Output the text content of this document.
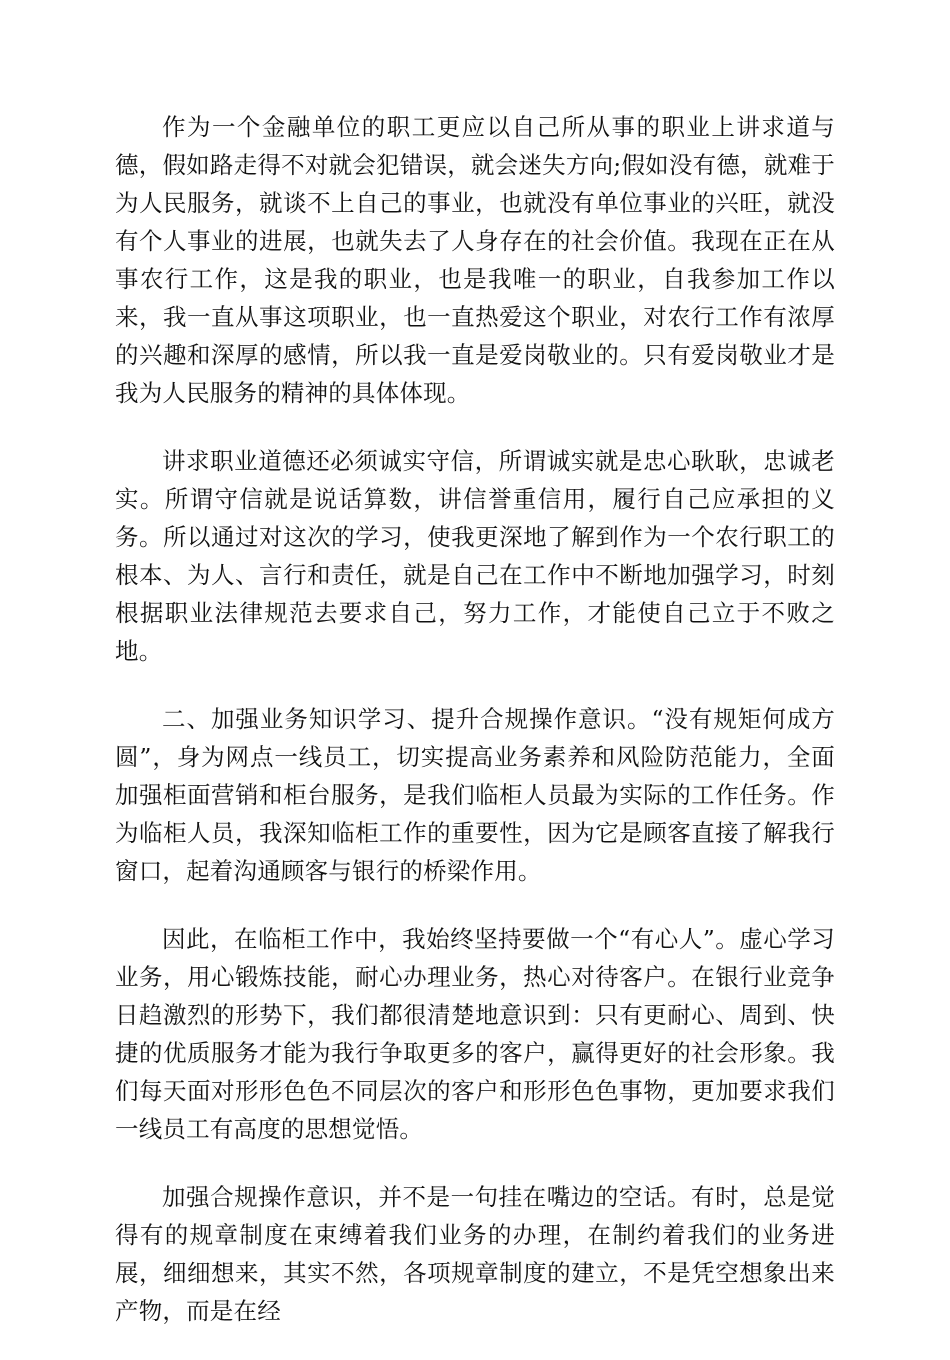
作为一个金融单位的职工更应以自己所从事的职业上讲求道与德，假如路走得不对就会犯错误，就会迷失方向;假如没有德，就难于为人民服务，就谈不上自己的事业，也就没有单位事业的兴旺，就没有个人事业的进展，也就失去了人身存在的社会价值。我现在正在从事农行工作，这是我的职业，也是我唯一的职业，自我参加工作以来，我一直从事这项职业，也一直热爱这个职业，对农行工作有浓厚的兴趣和深厚的感情，所以我一直是爱岗敬业的。只有爱岗敬业才是我为人民服务的精神的具体体现。

讲求职业道德还必须诚实守信，所谓诚实就是忠心耿耿，忠诚老实。所谓守信就是说话算数，讲信誉重信用，履行自己应承担的义务。所以通过对这次的学习，使我更深地了解到作为一个农行职工的根本、为人、言行和责任，就是自己在工作中不断地加强学习，时刻根据职业法律规范去要求自己，努力工作，才能使自己立于不败之地。

二、加强业务知识学习、提升合规操作意识。“没有规矩何成方圆”，身为网点一线员工，切实提高业务素养和风险防范能力，全面加强柜面营销和柜台服务，是我们临柜人员最为实际的工作任务。作为临柜人员，我深知临柜工作的重要性，因为它是顾客直接了解我行窗口，起着沟通顾客与银行的桥梁作用。

因此，在临柜工作中，我始终坚持要做一个“有心人”。虚心学习业务，用心锻炼技能，耐心办理业务，热心对待客户。在银行业竞争日趋激烈的形势下，我们都很清楚地意识到：只有更耐心、周到、快捷的优质服务才能为我行争取更多的客户，赢得更好的社会形象。我们每天面对形形色色不同层次的客户和形形色色事物，更加要求我们一线员工有高度的思想觉悟。

加强合规操作意识，并不是一句挂在嘴边的空话。有时，总是觉得有的规章制度在束缚着我们业务的办理，在制约着我们的业务进展，细细想来，其实不然，各项规章制度的建立，不是凭空想象出来产物，而是在经
